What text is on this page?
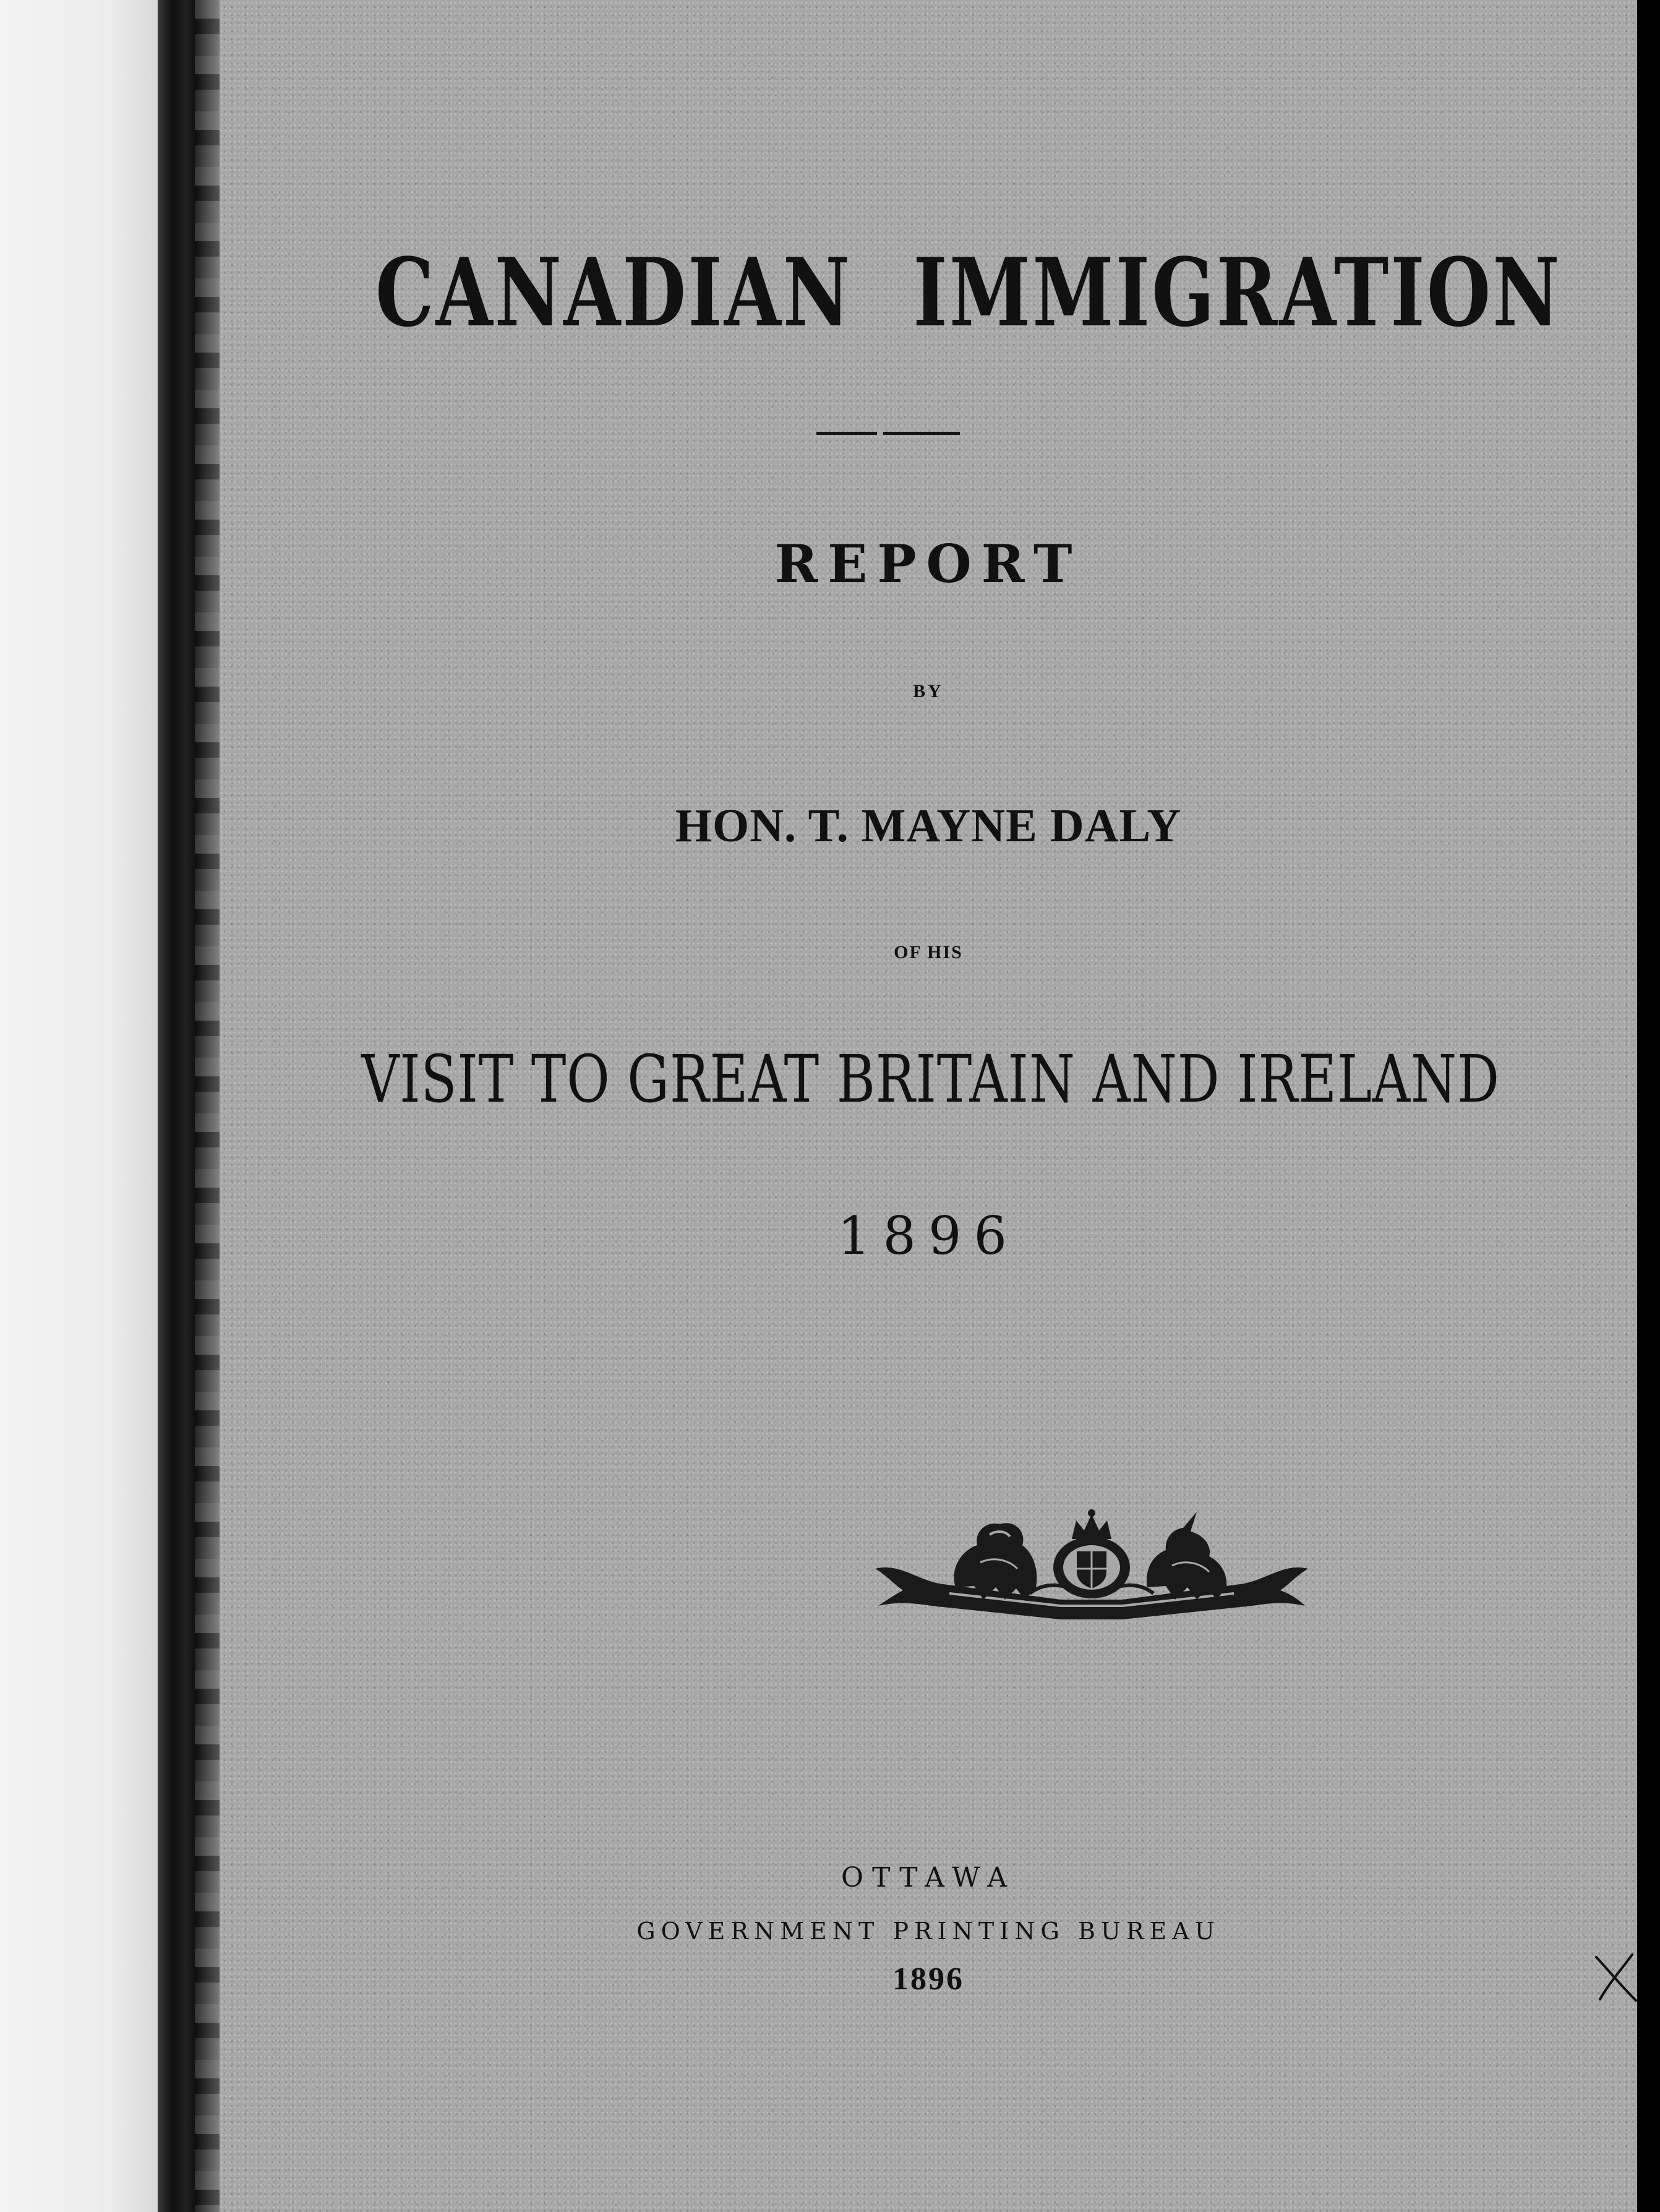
CANADIAN IMMIGRATION
REPORT

BY

HON. T. MAYNE DALY

OF HIS

VISIT TO GREAT BRITAIN AND IRELAND

1896

OTTAWA

GOVERNMENT PRINTING BUREAU

1896
